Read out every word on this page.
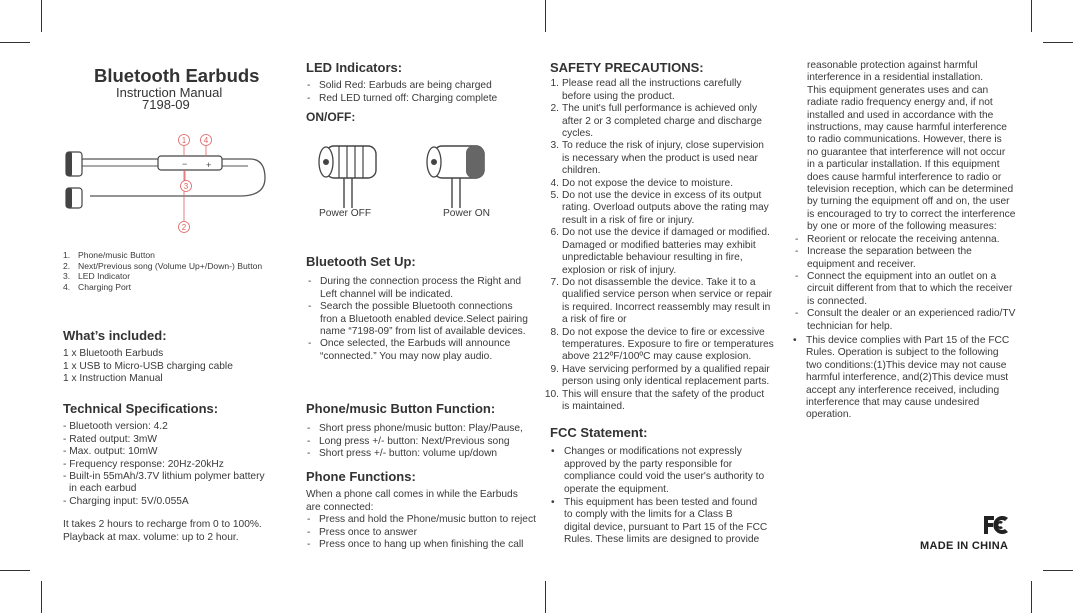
Bluetooth Earbuds
Instruction Manual
7198-09
− +
1 4
3
2
1. Phone/music Button
2. Next/Previous song (Volume Up+/Down-) Button
3. LED Indicator
4. Charging Port
What’s included:
1 x Bluetooth Earbuds
1 x USB to Micro-USB charging cable
1 x Instruction Manual
Technical Specifications:
- Bluetooth version: 4.2
- Rated output: 3mW
- Max. output: 10mW
- Frequency response: 20Hz-20kHz
- Built-in 55mAh/3.7V lithium polymer battery
in each earbud
- Charging input: 5V/0.055A
It takes 2 hours to recharge from 0 to 100%.
Playback at max. volume: up to 2 hour.
LED Indicators:
- Solid Red: Earbuds are being charged
- Red LED turned off: Charging complete
ON/OFF:
Power OFF	Power ON
Bluetooth Set Up:
- During the connection process the Right and
Left channel will be indicated.
- Search the possible Bluetooth connections
fron a Bluetooth enabled device.Select pairing
name “7198-09” from list of available devices.
- Once selected, the Earbuds will announce
“connected.” You may now play audio.
Phone/music Button Function:
- Short press phone/music button: Play/Pause,
- Long press +/- button: Next/Previous song
- Short press +/- button: volume up/down
Phone Functions:
When a phone call comes in while the Earbuds
are connected:
- Press and hold the Phone/music button to reject
- Press once to answer
- Press once to hang up when finishing the call
SAFETY PRECAUTIONS:
1. Please read all the instructions carefully
before using the product.
2. The unit's full performance is achieved only
after 2 or 3 completed charge and discharge
cycles.
3. To reduce the risk of injury, close supervision
is necessary when the product is used near
children.
4. Do not expose the device to moisture.
5. Do not use the device in excess of its output
rating. Overload outputs above the rating may
result in a risk of fire or injury.
6. Do not use the device if damaged or modified.
Damaged or modified batteries may exhibit
unpredictable behaviour resulting in fire,
explosion or risk of injury.
7. Do not disassemble the device. Take it to a
qualified service person when service or repair
is required. Incorrect reassembly may result in
a risk of fire or
8. Do not expose the device to fire or excessive
temperatures. Exposure to fire or temperatures
above 212ºF/100ºC may cause explosion.
9. Have servicing performed by a qualified repair
person using only identical replacement parts.
10. This will ensure that the safety of the product
is maintained.
FCC Statement:
• Changes or modifications not expressly
approved by the party responsible for
compliance could void the user's authority to
operate the equipment.
• This equipment has been tested and found
to comply with the limits for a Class B
digital device, pursuant to Part 15 of the FCC
Rules. These limits are designed to provide
reasonable protection against harmful
interference in a residential installation.
This equipment generates uses and can
radiate radio frequency energy and, if not
installed and used in accordance with the
instructions, may cause harmful interference
to radio communications. However, there is
no guarantee that interference will not occur
in a particular installation. If this equipment
does cause harmful interference to radio or
television reception, which can be determined
by turning the equipment off and on, the user
is encouraged to try to correct the interference
by one or more of the following measures:
- Reorient or relocate the receiving antenna.
- Increase the separation between the
equipment and receiver.
- Connect the equipment into an outlet on a
circuit different from that to which the receiver
is connected.
- Consult the dealer or an experienced radio/TV
technician for help.
• This device complies with Part 15 of the FCC
Rules. Operation is subject to the following
two conditions:(1)This device may not cause
harmful interference, and(2)This device must
accept any interference received, including
interference that may cause undesired
operation.
FC
MADE IN CHINA
